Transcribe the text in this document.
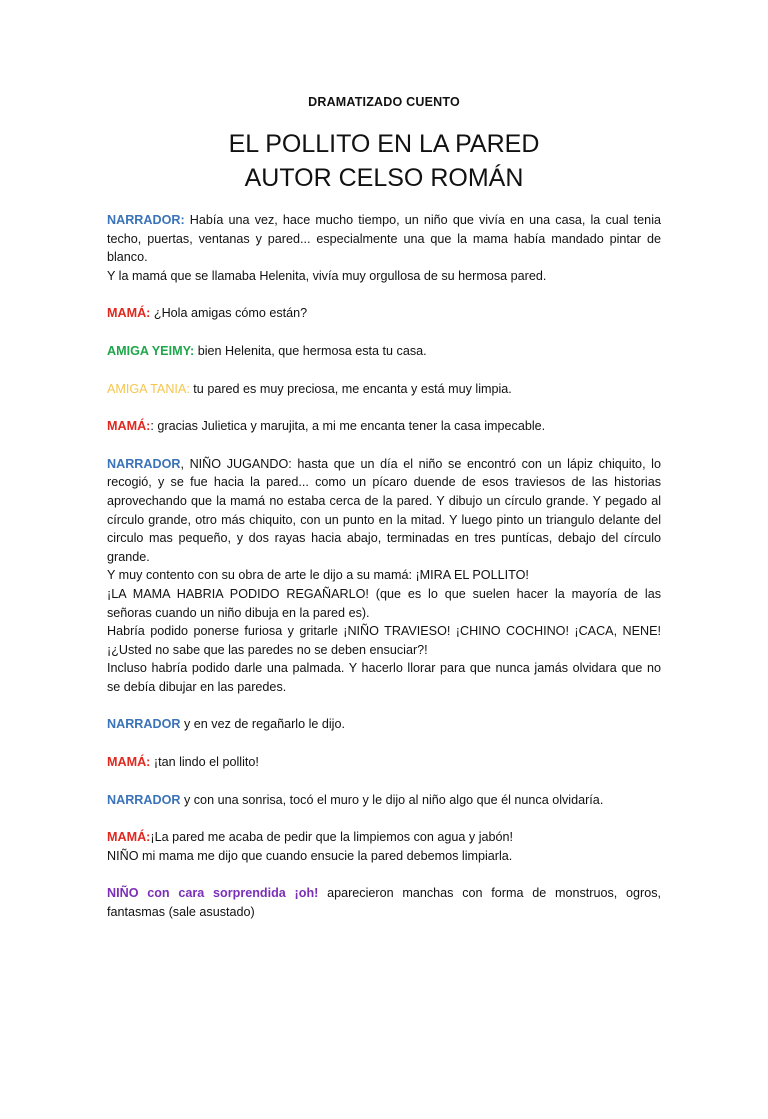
DRAMATIZADO CUENTO
EL POLLITO EN LA PARED
AUTOR CELSO ROMÁN

NARRADOR: Había una vez, hace mucho tiempo, un niño que vivía en una casa, la cual tenia techo, puertas, ventanas y pared... especialmente una que la mama había mandado pintar de blanco.

Y la mamá que se llamaba Helenita, vivía muy orgullosa de su hermosa pared.

MAMÁ: ¿Hola amigas cómo están?

AMIGA YEIMY: bien Helenita, que hermosa esta tu casa.

AMIGA TANIA: tu pared es muy preciosa, me encanta y está muy limpia.

MAMÁ:: gracias Julietica y marujita, a mi me encanta tener la casa impecable.

NARRADOR, NIÑO JUGANDO: hasta que un día el niño se encontró con un lápiz chiquito, lo recogió, y se fue hacia la pared... como un pícaro duende de esos traviesos de las historias aprovechando que la mamá no estaba cerca de la pared. Y dibujo un círculo grande. Y pegado al círculo grande, otro más chiquito, con un punto en la mitad. Y luego pinto un triangulo delante del circulo mas pequeño, y dos rayas hacia abajo, terminadas en tres puntícas, debajo del círculo grande.

Y muy contento con su obra de arte le dijo a su mamá: ¡MIRA EL POLLITO!

¡LA MAMA HABRIA PODIDO REGAÑARLO! (que es lo que suelen hacer la mayoría de las señoras cuando un niño dibuja en la pared es).

Habría podido ponerse furiosa y gritarle ¡NIÑO TRAVIESO! ¡CHINO COCHINO! ¡CACA, NENE! ¡¿Usted no sabe que las paredes no se deben ensuciar?!

Incluso habría podido darle una palmada. Y hacerlo llorar para que nunca jamás olvidara que no se debía dibujar en las paredes.

NARRADOR y en vez de regañarlo le dijo.

MAMÁ: ¡tan lindo el pollito!

NARRADOR y con una sonrisa, tocó el muro y le dijo al niño algo que él nunca olvidaría.

MAMÁ:¡La pared me acaba de pedir que la limpiemos con agua y jabón!

NIÑO mi mama me dijo que cuando ensucie la pared debemos limpiarla.

NIÑO con cara sorprendida ¡oh! aparecieron manchas con forma de monstruos, ogros, fantasmas (sale asustado)
